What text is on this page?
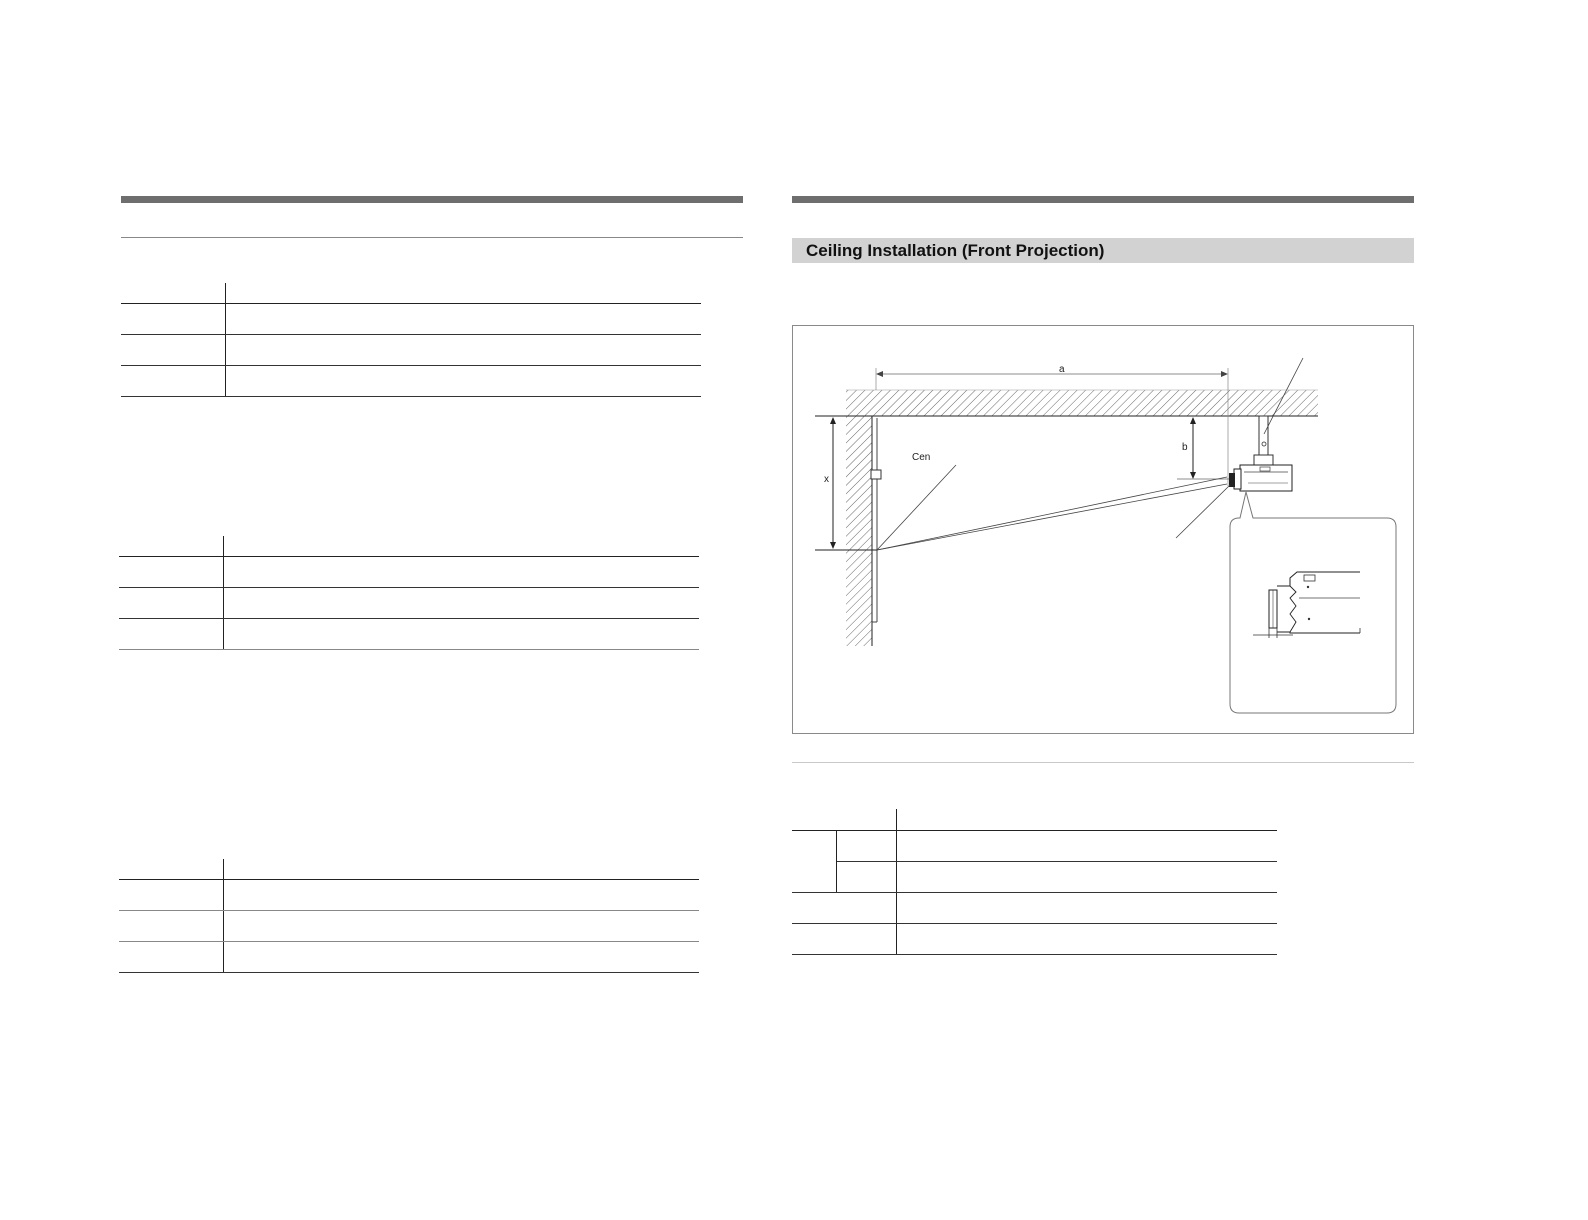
Ceiling Installation (Front Projection)
x
a
b
Cen
